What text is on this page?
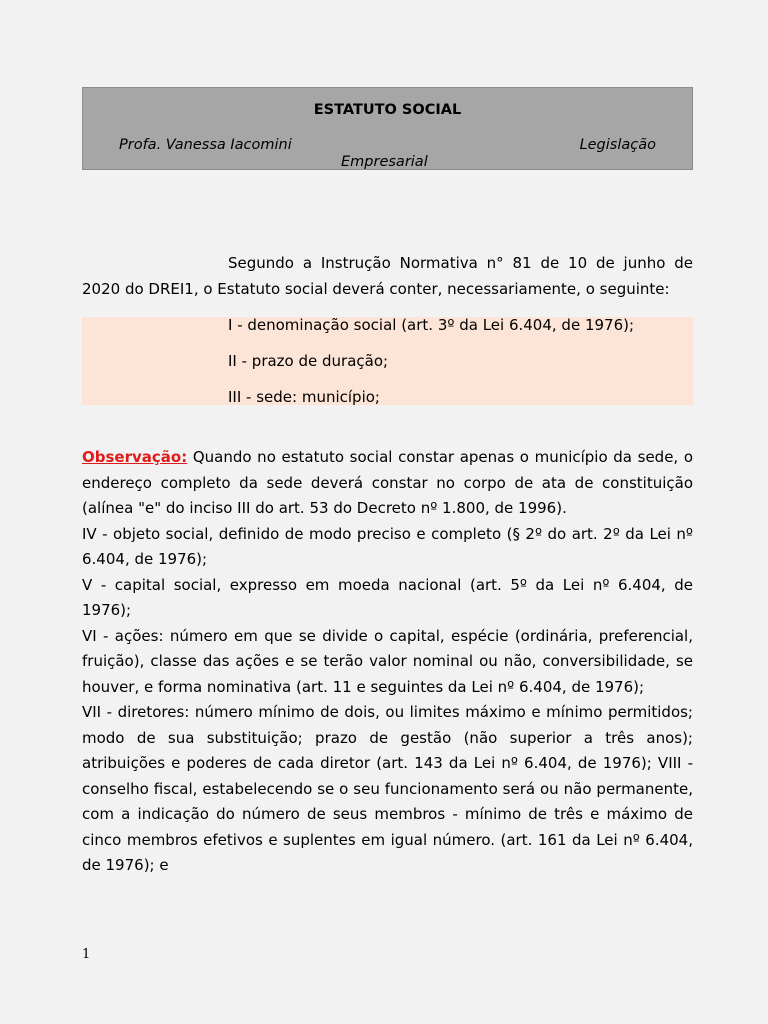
ESTATUTO SOCIAL
Profa. Vanessa Iacomini	Legislação
Empresarial
Segundo a Instrução Normativa n° 81 de 10 de junho de 2020 do DREI1, o Estatuto social deverá conter, necessariamente, o seguinte:
I - denominação social (art. 3º da Lei 6.404, de 1976);
II - prazo de duração;
III - sede: município;
Observação: Quando no estatuto social constar apenas o município da sede, o endereço completo da sede deverá constar no corpo de ata de constituição (alínea "e" do inciso III do art. 53 do Decreto nº 1.800, de 1996).
IV - objeto social, definido de modo preciso e completo (§ 2º do art. 2º da Lei nº 6.404, de 1976);
V - capital social, expresso em moeda nacional (art. 5º da Lei nº 6.404, de 1976);
VI - ações: número em que se divide o capital, espécie (ordinária, preferencial, fruição), classe das ações e se terão valor nominal ou não, conversibilidade, se houver, e forma nominativa (art. 11 e seguintes da Lei nº 6.404, de 1976);
VII - diretores: número mínimo de dois, ou limites máximo e mínimo permitidos; modo de sua substituição; prazo de gestão (não superior a três anos); atribuições e poderes de cada diretor (art. 143 da Lei nº 6.404, de 1976); VIII - conselho fiscal, estabelecendo se o seu funcionamento será ou não permanente, com a indicação do número de seus membros - mínimo de três e máximo de cinco membros efetivos e suplentes em igual número. (art. 161 da Lei nº 6.404, de 1976); e
1
